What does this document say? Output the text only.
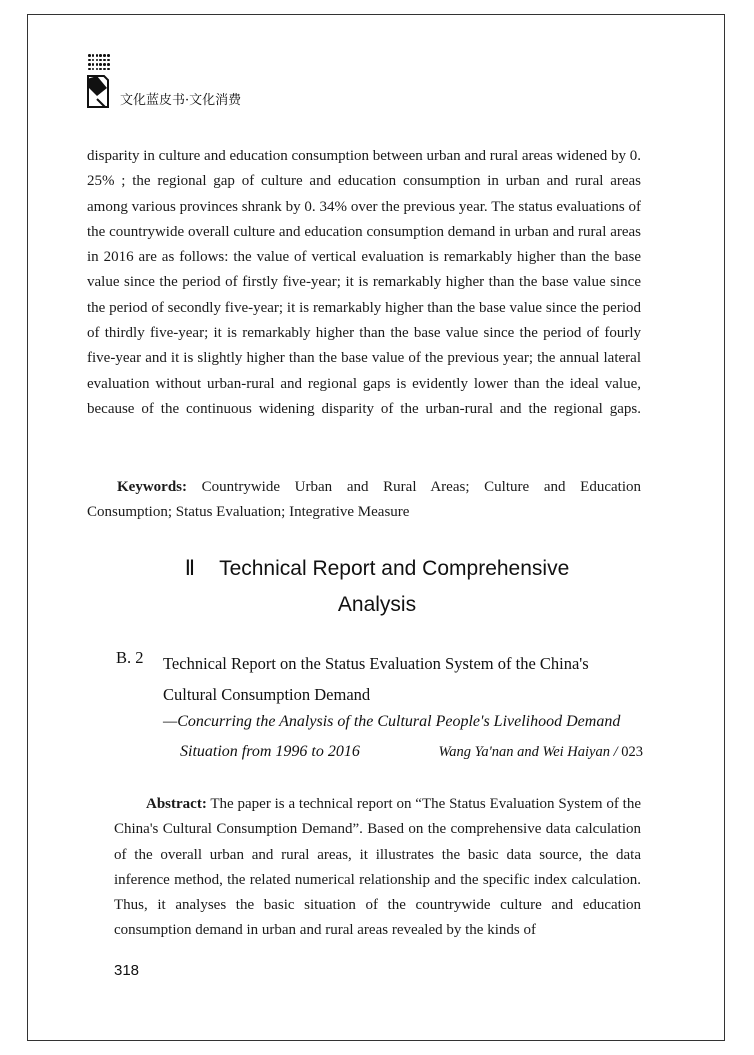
文化蓝皮书·文化消费
disparity in culture and education consumption between urban and rural areas widened by 0. 25% ; the regional gap of culture and education consumption in urban and rural areas among various provinces shrank by 0. 34% over the previous year. The status evaluations of the countrywide overall culture and education consumption demand in urban and rural areas in 2016 are as follows: the value of vertical evaluation is remarkably higher than the base value since the period of firstly five-year; it is remarkably higher than the base value since the period of secondly five-year; it is remarkably higher than the base value since the period of thirdly five-year; it is remarkably higher than the base value since the period of fourly five-year and it is slightly higher than the base value of the previous year; the annual lateral evaluation without urban-rural and regional gaps is evidently lower than the ideal value, because of the continuous widening disparity of the urban-rural and the regional gaps.
Keywords: Countrywide Urban and Rural Areas; Culture and Education Consumption; Status Evaluation; Integrative Measure
Ⅱ Technical Report and Comprehensive
Analysis
B. 2 Technical Report on the Status Evaluation System of the China's Cultural Consumption Demand
—Concurring the Analysis of the Cultural People's Livelihood Demand
Situation from 1996 to 2016	Wang Ya'nan and Wei Haiyan / 023
Abstract: The paper is a technical report on “The Status Evaluation System of the China's Cultural Consumption Demand”. Based on the comprehensive data calculation of the overall urban and rural areas, it illustrates the basic data source, the data inference method, the related numerical relationship and the specific index calculation. Thus, it analyses the basic situation of the countrywide culture and education consumption demand in urban and rural areas revealed by the kinds of
318
